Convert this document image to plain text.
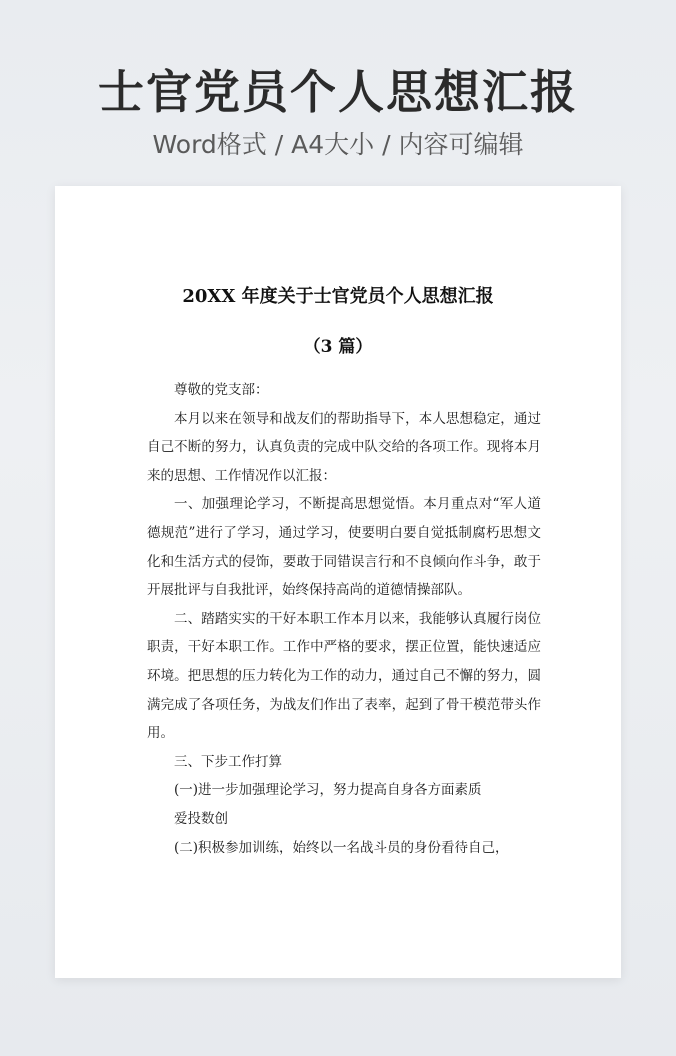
士官党员个人思想汇报
Word格式 / A4大小 / 内容可编辑
20XX 年度关于士官党员个人思想汇报
（3 篇）

尊敬的党支部：

本月以来在领导和战友们的帮助指导下，本人思想稳定，通过自己不断的努力，认真负责的完成中队交给的各项工作。现将本月来的思想、工作情况作以汇报：

一、加强理论学习，不断提高思想觉悟。本月重点对“军人道德规范”进行了学习，通过学习，使要明白要自觉抵制腐朽思想文化和生活方式的侵饰，要敢于同错误言行和不良倾向作斗争，敢于开展批评与自我批评，始终保持高尚的道德情操部队。

二、踏踏实实的干好本职工作本月以来，我能够认真履行岗位职责，干好本职工作。工作中严格的要求，摆正位置，能快速适应环境。把思想的压力转化为工作的动力，通过自己不懈的努力，圆满完成了各项任务，为战友们作出了表率，起到了骨干模范带头作用。

三、下步工作打算

(一)进一步加强理论学习，努力提高自身各方面素质

爱投数创

(二)积极参加训练，始终以一名战斗员的身份看待自己，
